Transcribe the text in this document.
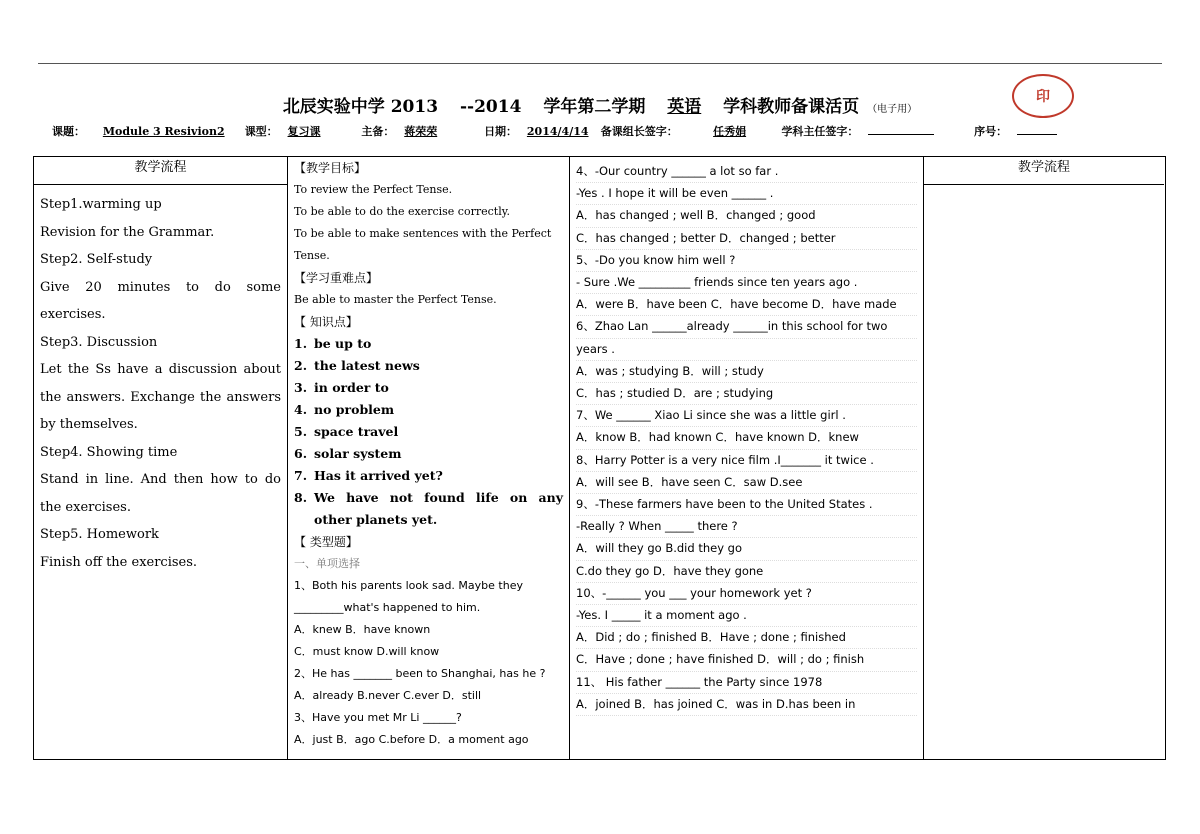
北辰实验中学 2013 --2014 学年第二学期 英语 学科教师备课活页 （电子用）
印
课题： Module 3 Resivion2 课型： 复习课	主备： 蒋荣荣	日期： 2014/4/14 备课组长签字：	任秀娟	学科主任签字：	序号：
教学流程
Step1.warming up
Revision for the Grammar.
Step2. Self-study
Give 20 minutes to do some exercises.
Step3. Discussion
Let the Ss have a discussion about the answers. Exchange the answers by themselves.
Step4. Showing time
Stand in line. And then how to do the exercises.
Step5. Homework
Finish off the exercises.
【教学目标】
To review the Perfect Tense.
To be able to do the exercise correctly.
To be able to make sentences with the Perfect Tense.
【学习重难点】
Be able to master the Perfect Tense.
【 知识点】
1. be up to
2. the latest news
3. in order to
4. no problem
5. space travel
6. solar system
7. Has it arrived yet?
8. We have not found life on any other planets yet.
【 类型题】
一、单项选择
1、Both his parents look sad. Maybe they
_________what's happened to him.
A．knew B．have known
C．must know D.will know
2、He has _______ been to Shanghai, has he ?
A．already B.never C.ever D．still
3、Have you met Mr Li ______?
A．just B．ago C.before D．a moment ago
4、-Our country ______ a lot so far .
-Yes . I hope it will be even ______ .
A．has changed ; well B．changed ; good
C．has changed ; better D．changed ; better
5、-Do you know him well ?
- Sure .We _________ friends since ten years ago .
A．were B．have been C．have become D．have made
6、Zhao Lan ______already ______in this school for two
years .
A．was ; studying B．will ; study
C．has ; studied D．are ; studying
7、We ______ Xiao Li since she was a little girl .
A．know B．had known C．have known D．knew
8、Harry Potter is a very nice film .I_______ it twice .
A．will see B．have seen C．saw D.see
9、-These farmers have been to the United States .
-Really ? When _____ there ?
A．will they go B.did they go
C.do they go D．have they gone
10、-______ you ___ your homework yet ?
-Yes. I _____ it a moment ago .
A．Did ; do ; finished B．Have ; done ; finished
C．Have ; done ; have finished D．will ; do ; finish
11、 His father ______ the Party since 1978
A．joined B．has joined C．was in D.has been in
教学流程
